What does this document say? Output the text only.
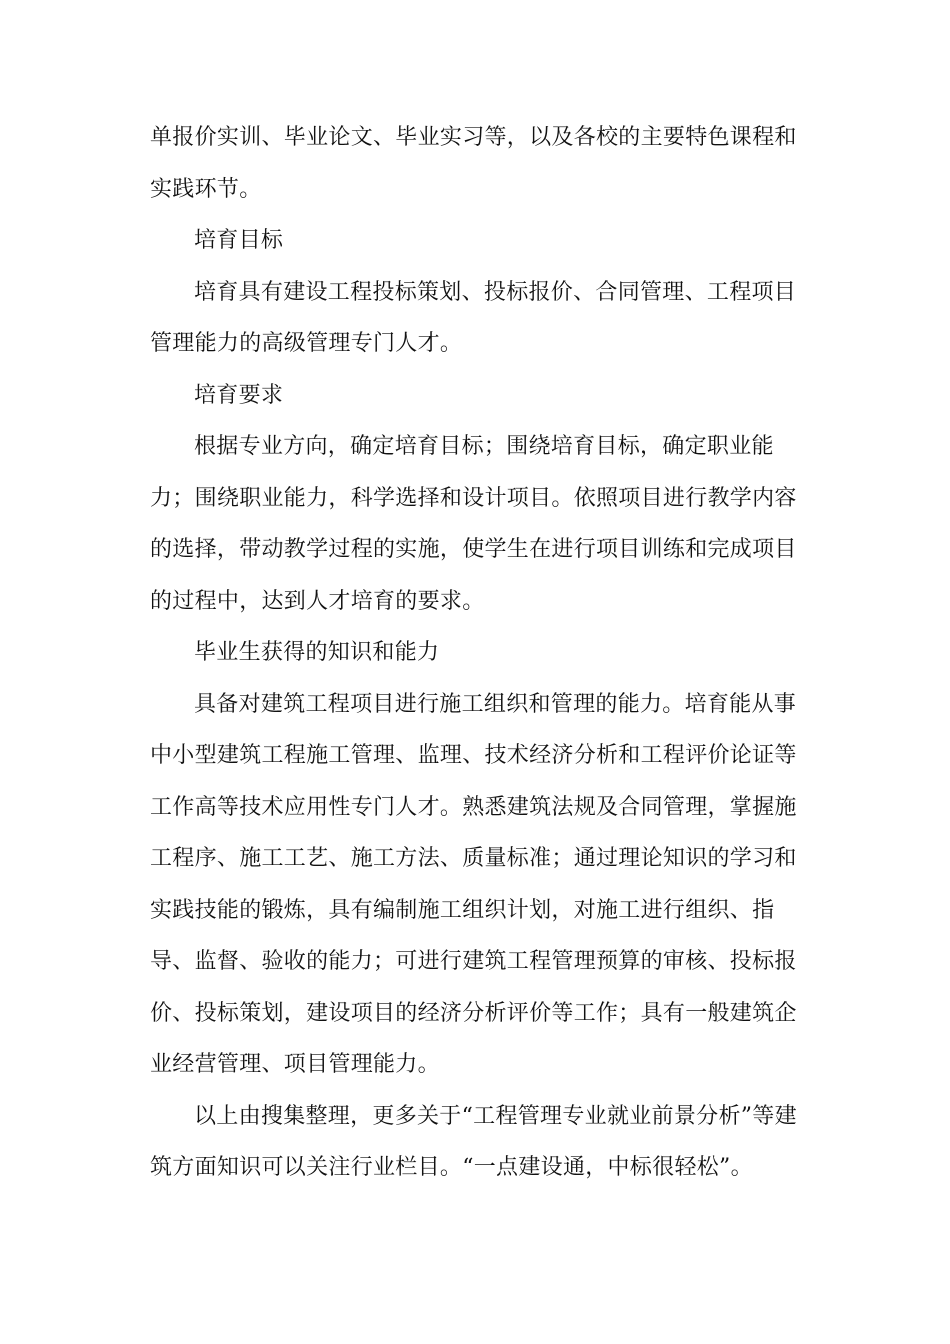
单报价实训、毕业论文、毕业实习等，以及各校的主要特色课程和
实践环节。

培育目标

培育具有建设工程投标策划、投标报价、合同管理、工程项目
管理能力的高级管理专门人才。

培育要求

根据专业方向，确定培育目标；围绕培育目标，确定职业能
力；围绕职业能力，科学选择和设计项目。依照项目进行教学内容
的选择，带动教学过程的实施，使学生在进行项目训练和完成项目
的过程中，达到人才培育的要求。

毕业生获得的知识和能力

具备对建筑工程项目进行施工组织和管理的能力。培育能从事
中小型建筑工程施工管理、监理、技术经济分析和工程评价论证等
工作高等技术应用性专门人才。熟悉建筑法规及合同管理，掌握施
工程序、施工工艺、施工方法、质量标准；通过理论知识的学习和
实践技能的锻炼，具有编制施工组织计划，对施工进行组织、指
导、监督、验收的能力；可进行建筑工程管理预算的审核、投标报
价、投标策划，建设项目的经济分析评价等工作；具有一般建筑企
业经营管理、项目管理能力。

以上由搜集整理，更多关于“工程管理专业就业前景分析”等建
筑方面知识可以关注行业栏目。“一点建设通，中标很轻松”。
